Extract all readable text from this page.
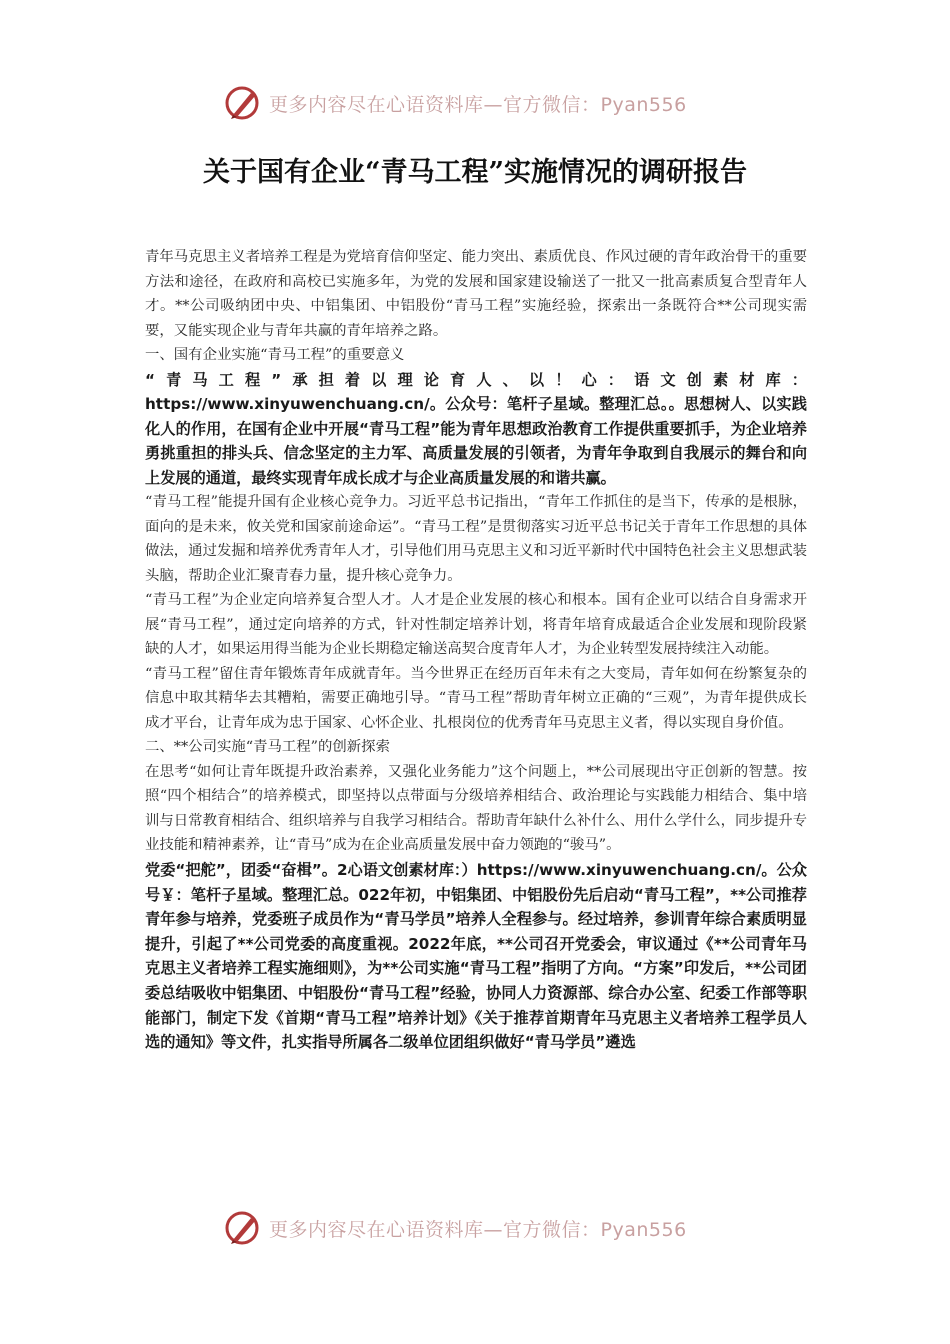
更多内容尽在心语资料库—官方微信：Pyan556
关于国有企业“青马工程”实施情况的调研报告

青年马克思主义者培养工程是为党培育信仰坚定、能力突出、素质优良、作风过硬的青年政治骨干的重要方法和途径，在政府和高校已实施多年，为党的发展和国家建设输送了一批又一批高素质复合型青年人才。**公司吸纳团中央、中铝集团、中铝股份“青马工程”实施经验，探索出一条既符合**公司现实需要，又能实现企业与青年共赢的青年培养之路。

一、国有企业实施“青马工程”的重要意义

“青马工程”承担着以理论育人、以！心：语文创素材库：https://www.xinyuwenchuang.cn/。公众号：笔杆子星域。整理汇总。。思想树人、以实践化人的作用，在国有企业中开展“青马工程”能为青年思想政治教育工作提供重要抓手，为企业培养勇挑重担的排头兵、信念坚定的主力军、高质量发展的引领者，为青年争取到自我展示的舞台和向上发展的通道，最终实现青年成长成才与企业高质量发展的和谐共赢。

“青马工程”能提升国有企业核心竞争力。习近平总书记指出，“青年工作抓住的是当下，传承的是根脉，面向的是未来，攸关党和国家前途命运”。“青马工程”是贯彻落实习近平总书记关于青年工作思想的具体做法，通过发掘和培养优秀青年人才，引导他们用马克思主义和习近平新时代中国特色社会主义思想武装头脑，帮助企业汇聚青春力量，提升核心竞争力。

“青马工程”为企业定向培养复合型人才。人才是企业发展的核心和根本。国有企业可以结合自身需求开展“青马工程”，通过定向培养的方式，针对性制定培养计划，将青年培育成最适合企业发展和现阶段紧缺的人才，如果运用得当能为企业长期稳定输送高契合度青年人才，为企业转型发展持续注入动能。

“青马工程”留住青年锻炼青年成就青年。当今世界正在经历百年未有之大变局，青年如何在纷繁复杂的信息中取其精华去其糟粕，需要正确地引导。“青马工程”帮助青年树立正确的“三观”，为青年提供成长成才平台，让青年成为忠于国家、心怀企业、扎根岗位的优秀青年马克思主义者，得以实现自身价值。

二、**公司实施“青马工程”的创新探索

在思考“如何让青年既提升政治素养，又强化业务能力”这个问题上，**公司展现出守正创新的智慧。按照“四个相结合”的培养模式，即坚持以点带面与分级培养相结合、政治理论与实践能力相结合、集中培训与日常教育相结合、组织培养与自我学习相结合。帮助青年缺什么补什么、用什么学什么，同步提升专业技能和精神素养，让“青马”成为在企业高质量发展中奋力领跑的“骏马”。

党委“把舵”，团委“奋楫”。2心语文创素材库：）https://www.xinyuwenchuang.cn/。公众号￥：笔杆子星域。整理汇总。022年初，中铝集团、中铝股份先后启动“青马工程”，**公司推荐青年参与培养，党委班子成员作为“青马学员”培养人全程参与。经过培养，参训青年综合素质明显提升，引起了**公司党委的高度重视。2022年底，**公司召开党委会，审议通过《**公司青年马克思主义者培养工程实施细则》，为**公司实施“青马工程”指明了方向。“方案”印发后，**公司团委总结吸收中铝集团、中铝股份“青马工程”经验，协同人力资源部、综合办公室、纪委工作部等职能部门，制定下发《首期“青马工程”培养计划》《关于推荐首期青年马克思主义者培养工程学员人选的通知》等文件，扎实指导所属各二级单位团组织做好“青马学员”遴选

更多内容尽在心语资料库—官方微信：Pyan556
